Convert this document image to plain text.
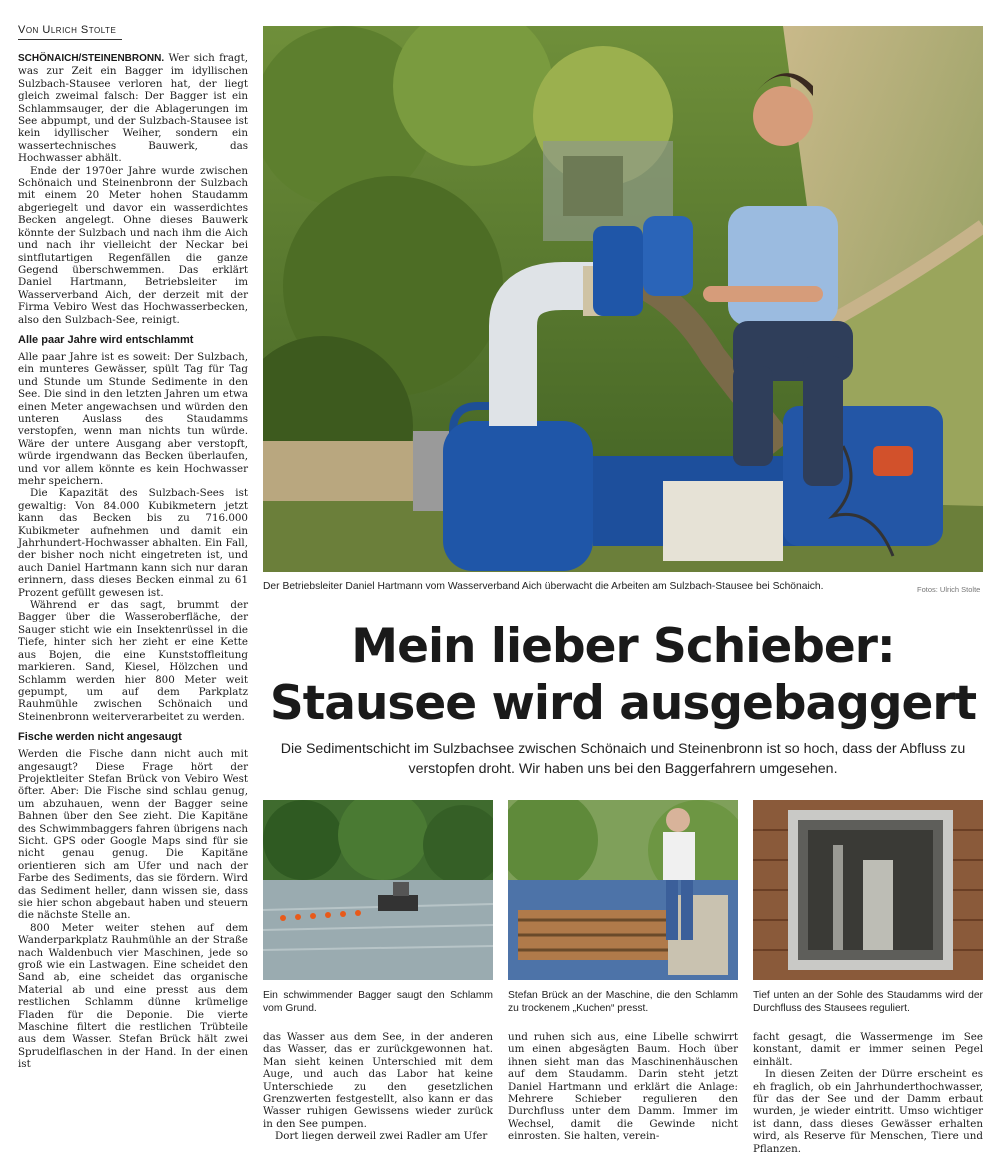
Von Ulrich Stolte

SCHÖNAICH/STEINENBRONN. Wer sich fragt, was zur Zeit ein Bagger im idyllischen Sulzbach-Stausee verloren hat, der liegt gleich zweimal falsch: Der Bagger ist ein Schlammsauger, der die Ablagerungen im See abpumpt, und der Sulzbach-Stausee ist kein idyllischer Weiher, sondern ein wassertechnisches Bauwerk, das Hochwasser abhält.

Ende der 1970er Jahre wurde zwischen Schönaich und Steinenbronn der Sulzbach mit einem 20 Meter hohen Staudamm abgeriegelt und davor ein wasserdichtes Becken angelegt. Ohne dieses Bauwerk könnte der Sulzbach und nach ihm die Aich und nach ihr vielleicht der Neckar bei sintflutartigen Regenfällen die ganze Gegend überschwemmen. Das erklärt Daniel Hartmann, Betriebsleiter im Wasserverband Aich, der derzeit mit der Firma Vebiro West das Hochwasserbecken, also den Sulzbach-See, reinigt.

Alle paar Jahre wird entschlammt

Alle paar Jahre ist es soweit: Der Sulzbach, ein munteres Gewässer, spült Tag für Tag und Stunde um Stunde Sedimente in den See. Die sind in den letzten Jahren um etwa einen Meter angewachsen und würden den unteren Auslass des Staudamms verstopfen, wenn man nichts tun würde. Wäre der untere Ausgang aber verstopft, würde irgendwann das Becken überlaufen, und vor allem könnte es kein Hochwasser mehr speichern.

Die Kapazität des Sulzbach-Sees ist gewaltig: Von 84.000 Kubikmetern jetzt kann das Becken bis zu 716.000 Kubikmeter aufnehmen und damit ein Jahrhundert-Hochwasser abhalten. Ein Fall, der bisher noch nicht eingetreten ist, und auch Daniel Hartmann kann sich nur daran erinnern, dass dieses Becken einmal zu 61 Prozent gefüllt gewesen ist.

Während er das sagt, brummt der Bagger über die Wasseroberfläche, der Sauger sticht wie ein Insektenrüssel in die Tiefe, hinter sich her zieht er eine Kette aus Bojen, die eine Kunststoffleitung markieren. Sand, Kiesel, Hölzchen und Schlamm werden hier 800 Meter weit gepumpt, um auf dem Parkplatz Rauhmühle zwischen Schönaich und Steinenbronn weiterverarbeitet zu werden.

Fische werden nicht angesaugt

Werden die Fische dann nicht auch mit angesaugt? Diese Frage hört der Projektleiter Stefan Brück von Vebiro West öfter. Aber: Die Fische sind schlau genug, um abzuhauen, wenn der Bagger seine Bahnen über den See zieht. Die Kapitäne des Schwimmbaggers fahren übrigens nach Sicht. GPS oder Google Maps sind für sie nicht genau genug. Die Kapitäne orientieren sich am Ufer und nach der Farbe des Sediments, das sie fördern. Wird das Sediment heller, dann wissen sie, dass sie hier schon abgebaut haben und steuern die nächste Stelle an.

800 Meter weiter stehen auf dem Wanderparkplatz Rauhmühle an der Straße nach Waldenbuch vier Maschinen, jede so groß wie ein Lastwagen. Eine scheidet den Sand ab, eine scheidet das organische Material ab und eine presst aus dem restlichen Schlamm dünne krümelige Fladen für die Deponie. Die vierte Maschine filtert die restlichen Trübteile aus dem Wasser. Stefan Brück hält zwei Sprudelflaschen in der Hand. In der einen ist

Der Betriebsleiter Daniel Hartmann vom Wasserverband Aich überwacht die Arbeiten am Sulzbach-Stausee bei Schönaich.	Fotos: Ulrich Stolte
Mein lieber Schieber:
Stausee wird ausgebaggert
Die Sedimentschicht im Sulzbachsee zwischen Schönaich und Steinenbronn ist so hoch, dass der Abfluss zu verstopfen droht. Wir haben uns bei den Baggerfahrern umgesehen.
Ein schwimmender Bagger saugt den Schlamm vom Grund.
Stefan Brück an der Maschine, die den Schlamm zu trockenem „Kuchen“ presst.
Tief unten an der Sohle des Staudamms wird der Durchfluss des Stausees reguliert.

das Wasser aus dem See, in der anderen das Wasser, das er zurückgewonnen hat. Man sieht keinen Unterschied mit dem Auge, und auch das Labor hat keine Unterschiede zu den gesetzlichen Grenzwerten festgestellt, also kann er das Wasser ruhigen Gewissens wieder zurück in den See pumpen.

Dort liegen derweil zwei Radler am Ufer

und ruhen sich aus, eine Libelle schwirrt um einen abgesägten Baum. Hoch über ihnen sieht man das Maschinenhäuschen auf dem Staudamm. Darin steht jetzt Daniel Hartmann und erklärt die Anlage: Mehrere Schieber regulieren den Durchfluss unter dem Damm. Immer im Wechsel, damit die Gewinde nicht einrosten. Sie halten, verein-

facht gesagt, die Wassermenge im See konstant, damit er immer seinen Pegel einhält.

In diesen Zeiten der Dürre erscheint es eh fraglich, ob ein Jahrhunderthochwasser, für das der See und der Damm erbaut wurden, je wieder eintritt. Umso wichtiger ist dann, dass dieses Gewässer erhalten wird, als Reserve für Menschen, Tiere und Pflanzen.
